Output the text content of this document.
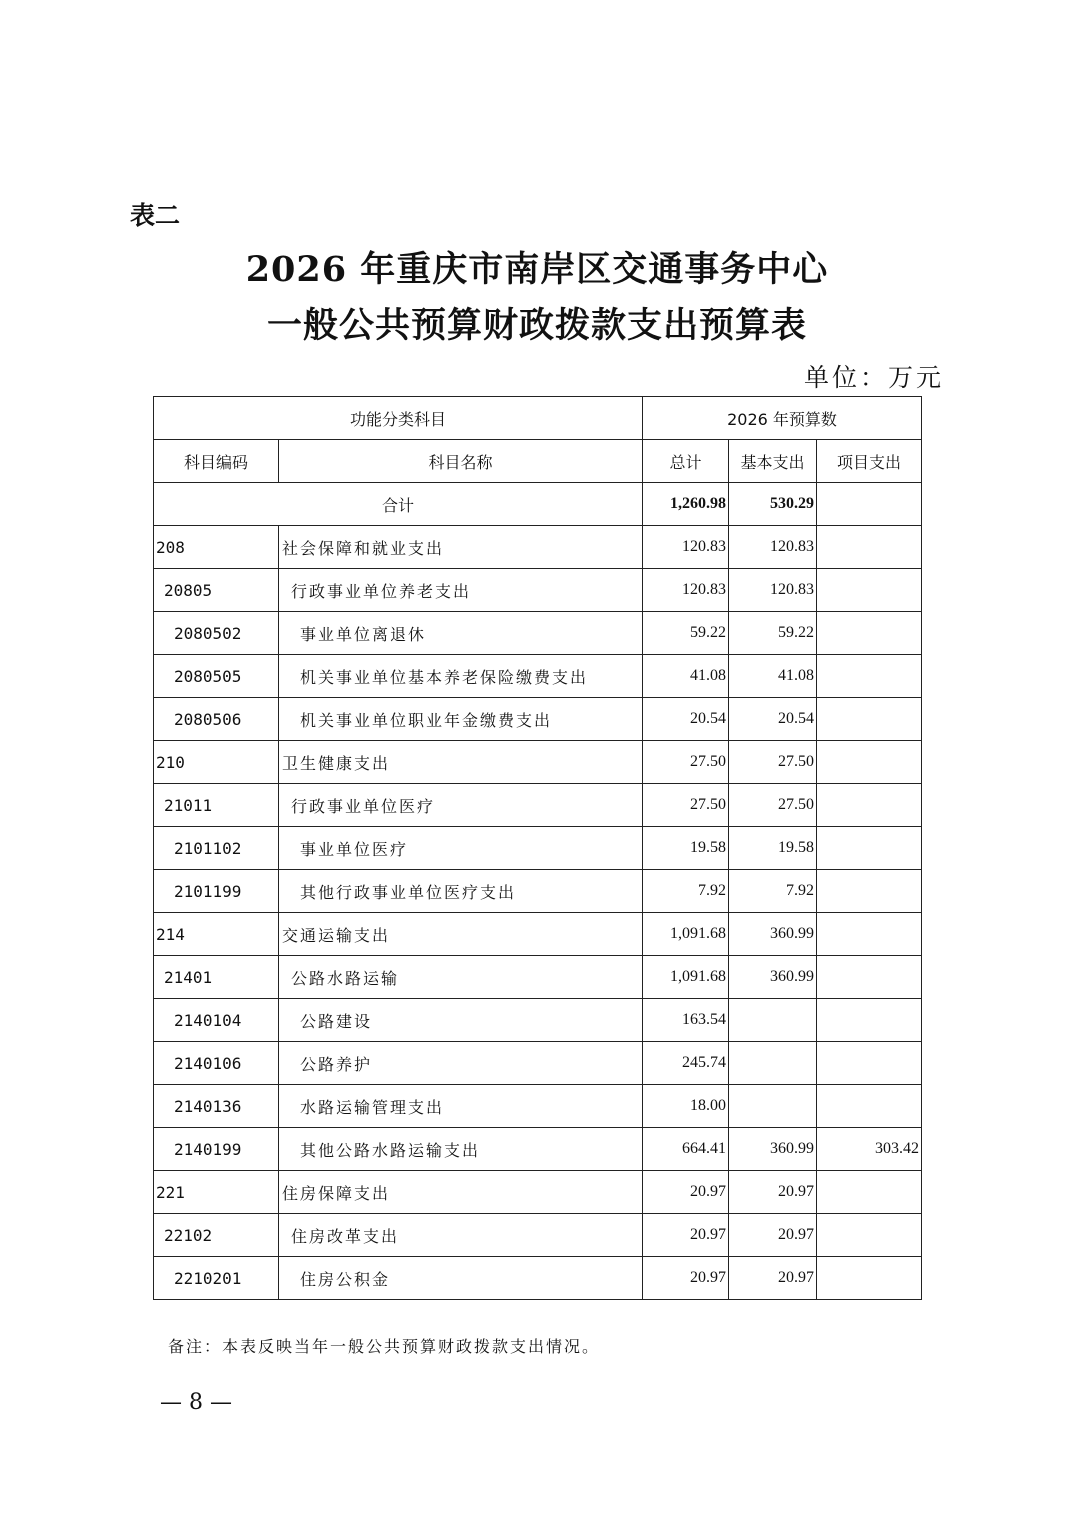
表二
2026 年重庆市南岸区交通事务中心
一般公共预算财政拨款支出预算表
单位：万元
功能分类科目		2026 年预算数		
科目编码	科目名称	总计	基本支出	项目支出
合计		1,260.98	530.29	
208	社会保障和就业支出	120.83	120.83	
20805	行政事业单位养老支出	120.83	120.83	
2080502	事业单位离退休	59.22	59.22	
2080505	机关事业单位基本养老保险缴费支出	41.08	41.08	
2080506	机关事业单位职业年金缴费支出	20.54	20.54	
210	卫生健康支出	27.50	27.50	
21011	行政事业单位医疗	27.50	27.50	
2101102	事业单位医疗	19.58	19.58	
2101199	其他行政事业单位医疗支出	7.92	7.92	
214	交通运输支出	1,091.68	360.99	
21401	公路水路运输	1,091.68	360.99	
2140104	公路建设	163.54		
2140106	公路养护	245.74		
2140136	水路运输管理支出	18.00		
2140199	其他公路水路运输支出	664.41	360.99	303.42
221	住房保障支出	20.97	20.97	
22102	住房改革支出	20.97	20.97	
2210201	住房公积金	20.97	20.97	
备注：本表反映当年一般公共预算财政拨款支出情况。
— 8 —
